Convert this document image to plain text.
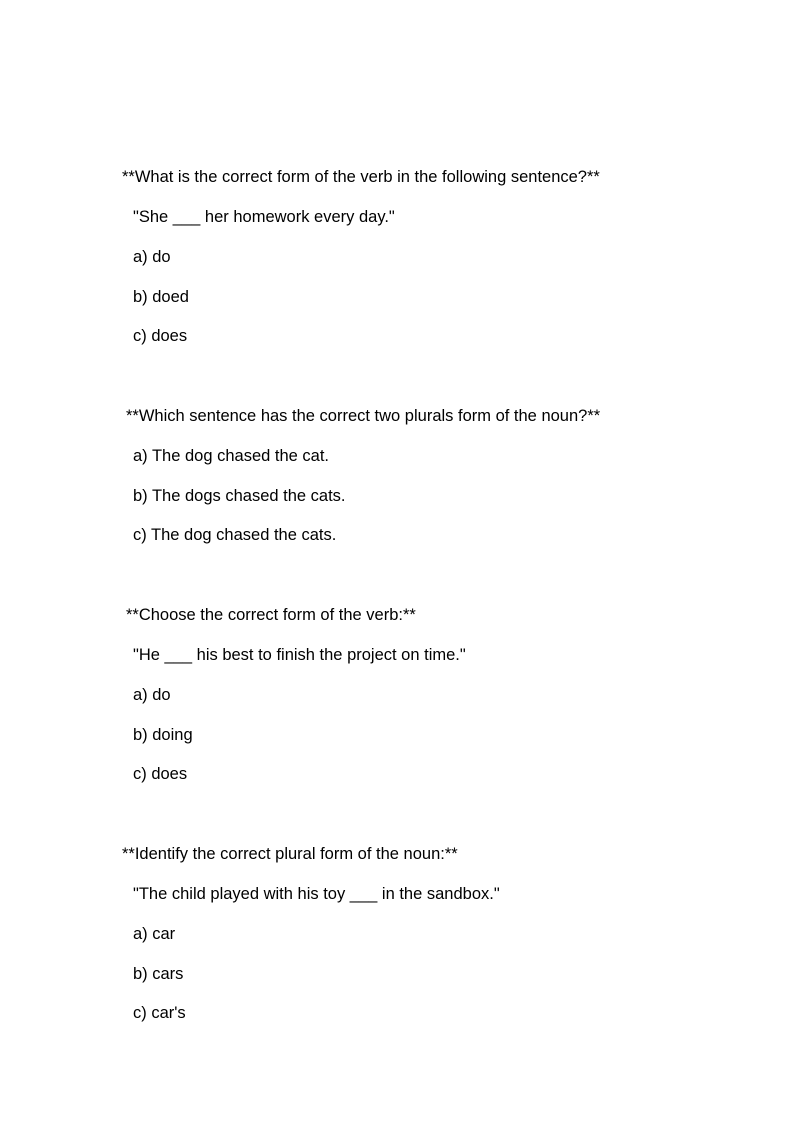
**What is the correct form of the verb in the following sentence?**
"She ___ her homework every day."
a) do
b) doed
c) does
**Which sentence has the correct two plurals form of the noun?**
a) The dog chased the cat.
b) The dogs chased the cats.
c) The dog chased the cats.
**Choose the correct form of the verb:**
"He ___ his best to finish the project on time."
a) do
b) doing
c) does
**Identify the correct plural form of the noun:**
"The child played with his toy ___ in the sandbox."
a) car
b) cars
c) car's
